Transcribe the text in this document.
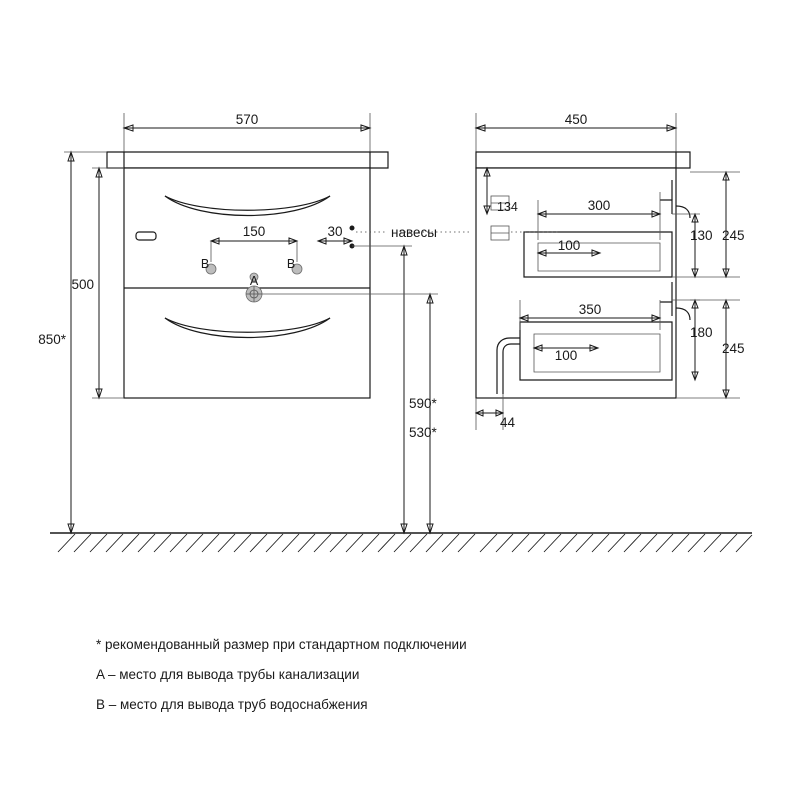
570
150	30
500
850*
590*
530*
450
134	300
100
130 245
350
100
180
245
44
навесы
B	B
A
* рекомендованный размер при стандартном подключении
A – место для вывода трубы канализации
B – место для вывода труб водоснабжения
